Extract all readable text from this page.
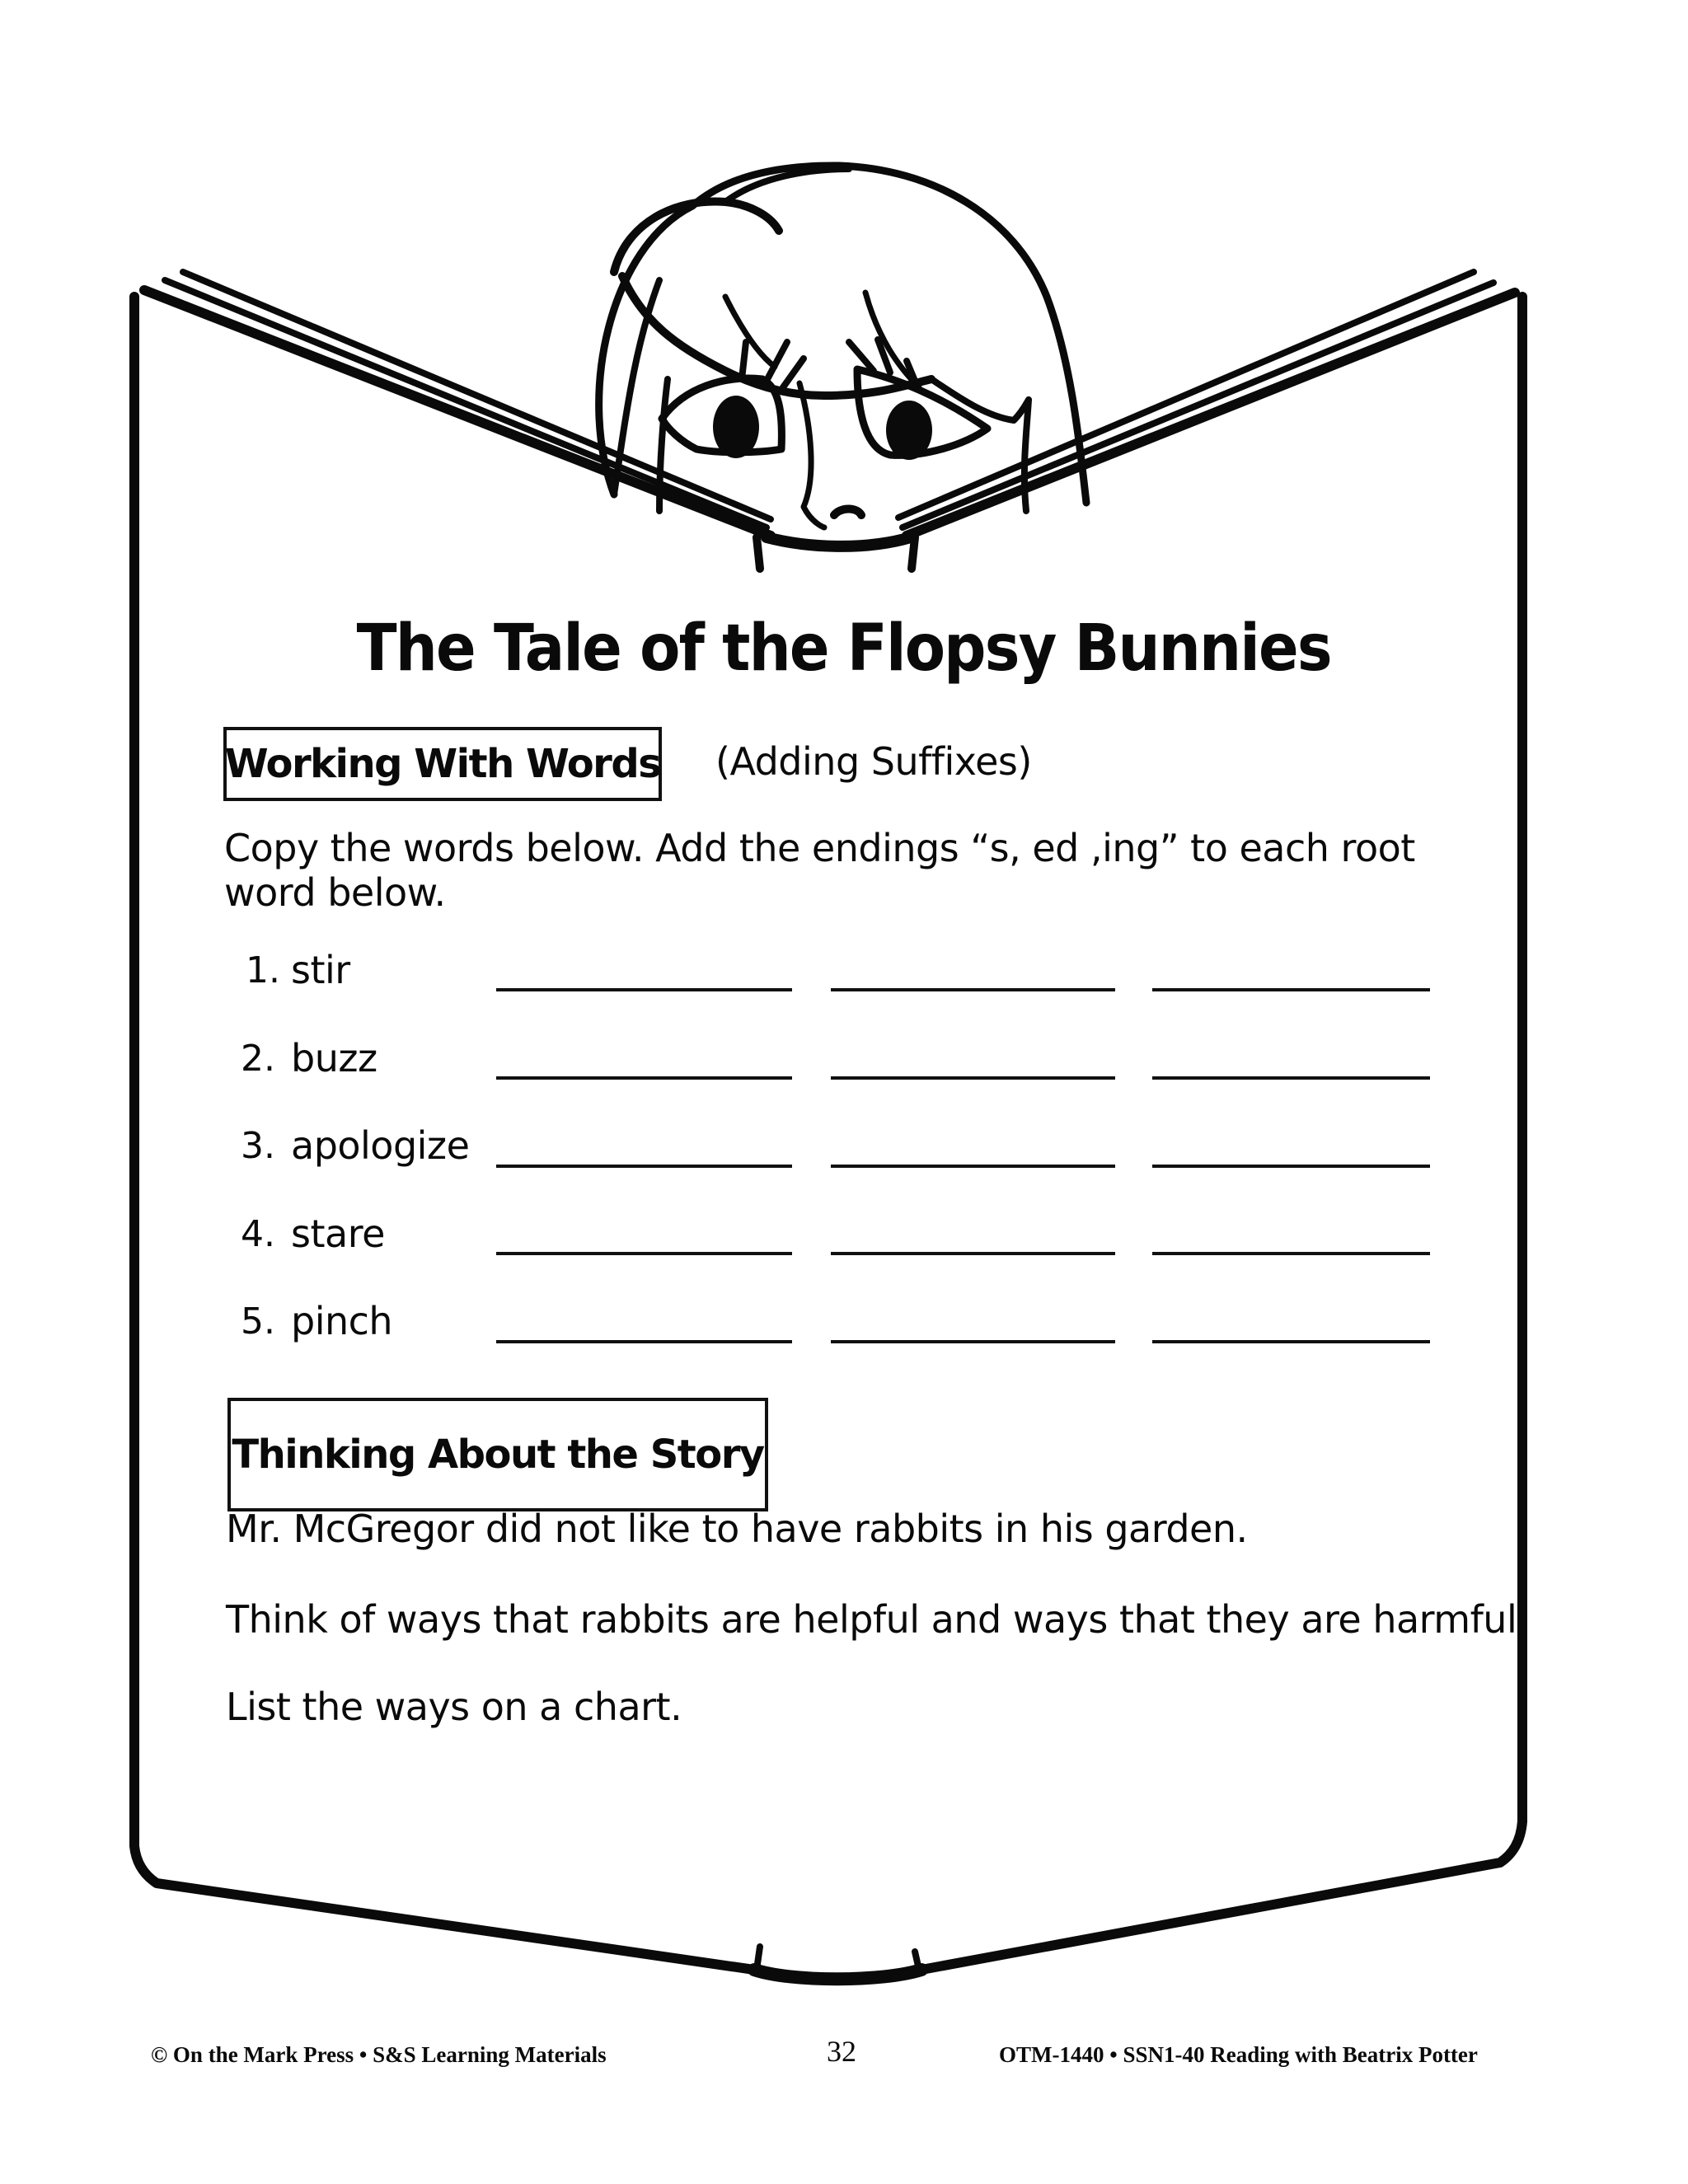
The Tale of the Flopsy Bunnies
Working With Words (Adding Suffixes)
Copy the words below. Add the endings “s, ed ,ing” to each root
word below.
1. stir
2. buzz
3. apologize
4. stare
5. pinch
Thinking About the Story
Mr. McGregor did not like to have rabbits in his garden.
Think of ways that rabbits are helpful and ways that they are harmful.
List the ways on a chart.
© On the Mark Press • S&S Learning Materials	32	OTM-1440 • SSN1-40 Reading with Beatrix Potter
